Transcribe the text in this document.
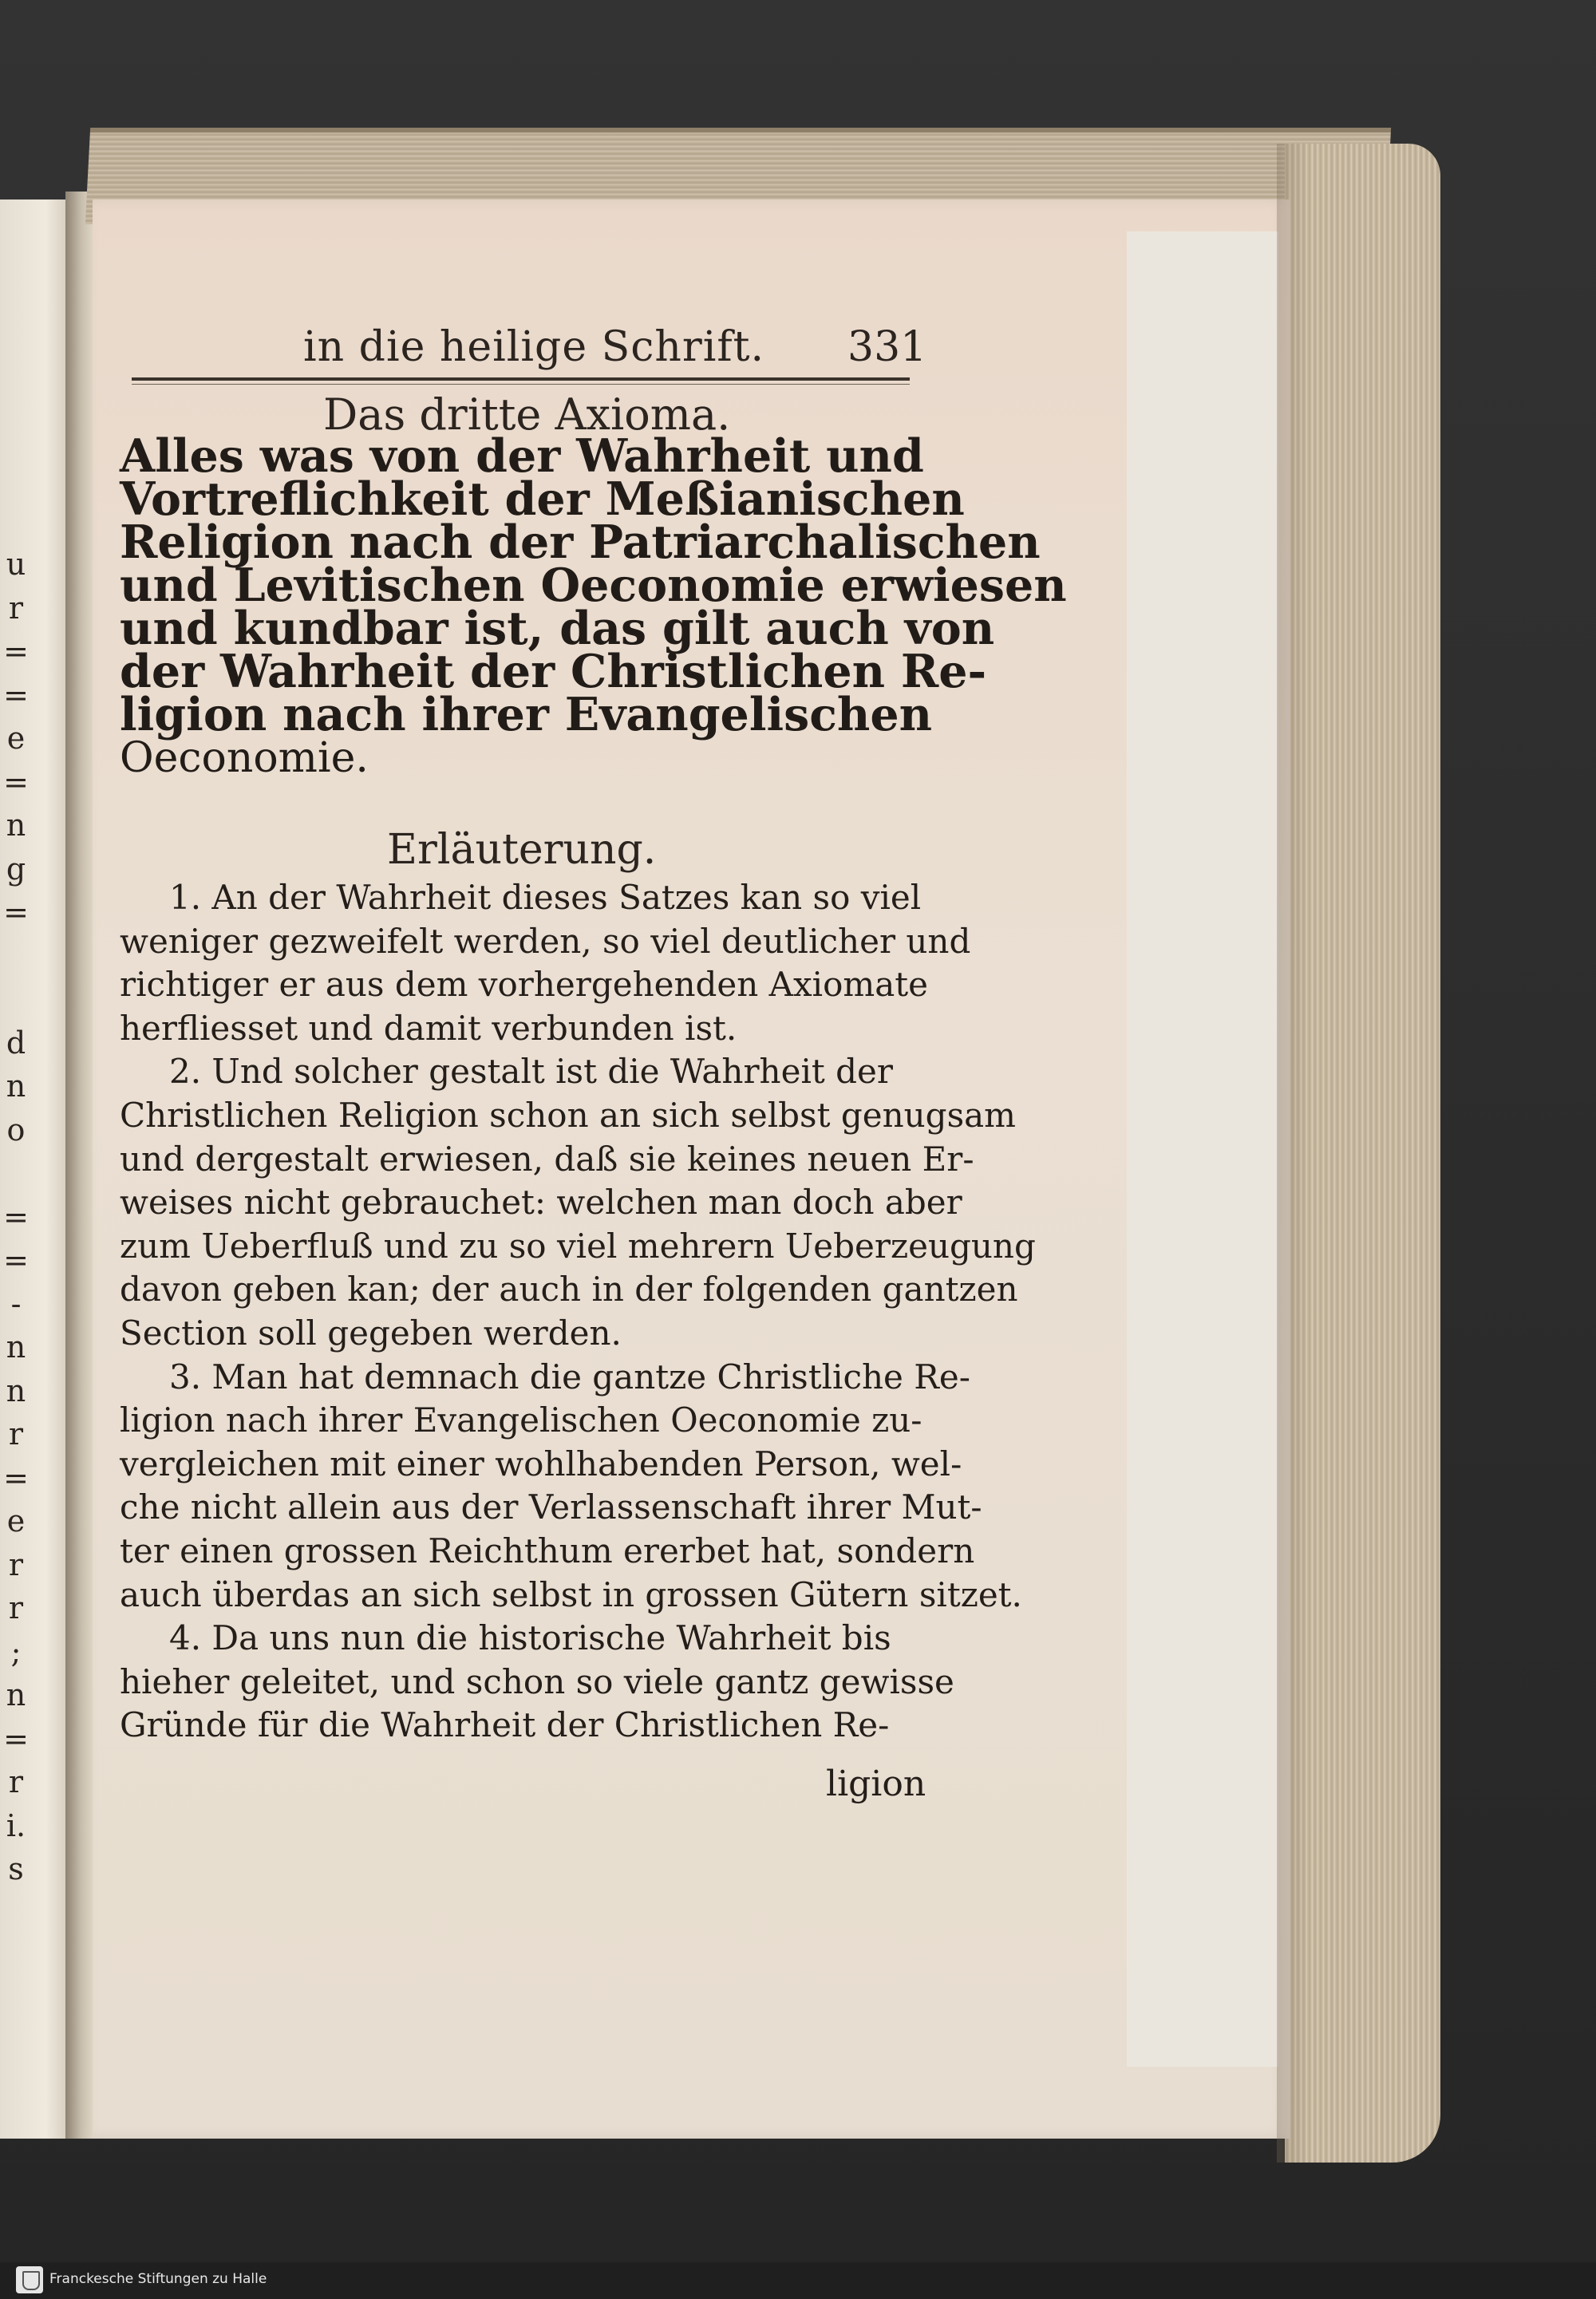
u
r
=
=
e
=
n
g
=
d
n
o
=
=
-
n
n
r
=
e
r
r
;
n
=
r
i.
s
in die heilige Schrift. 331
Das dritte Axioma.
Alles was von der Wahrheit und
Vortreflichkeit der Meßianischen
Religion nach der Patriarchalischen
und Levitischen Oeconomie erwiesen
und kundbar ist, das gilt auch von
der Wahrheit der Christlichen Re-
ligion nach ihrer Evangelischen
Oeconomie.
Erläuterung.
1. An der Wahrheit dieses Satzes kan so viel
weniger gezweifelt werden, so viel deutlicher und
richtiger er aus dem vorhergehenden Axiomate
herfliesset und damit verbunden ist.
2. Und solcher gestalt ist die Wahrheit der
Christlichen Religion schon an sich selbst genugsam
und dergestalt erwiesen, daß sie keines neuen Er-
weises nicht gebrauchet: welchen man doch aber
zum Ueberfluß und zu so viel mehrern Ueberzeugung
davon geben kan; der auch in der folgenden gantzen
Section soll gegeben werden.
3. Man hat demnach die gantze Christliche Re-
ligion nach ihrer Evangelischen Oeconomie zu-
vergleichen mit einer wohlhabenden Person, wel-
che nicht allein aus der Verlassenschaft ihrer Mut-
ter einen grossen Reichthum ererbet hat, sondern
auch überdas an sich selbst in grossen Gütern sitzet.
4. Da uns nun die historische Wahrheit bis
hieher geleitet, und schon so viele gantz gewisse
Gründe für die Wahrheit der Christlichen Re-
ligion
Franckesche Stiftungen zu Halle
